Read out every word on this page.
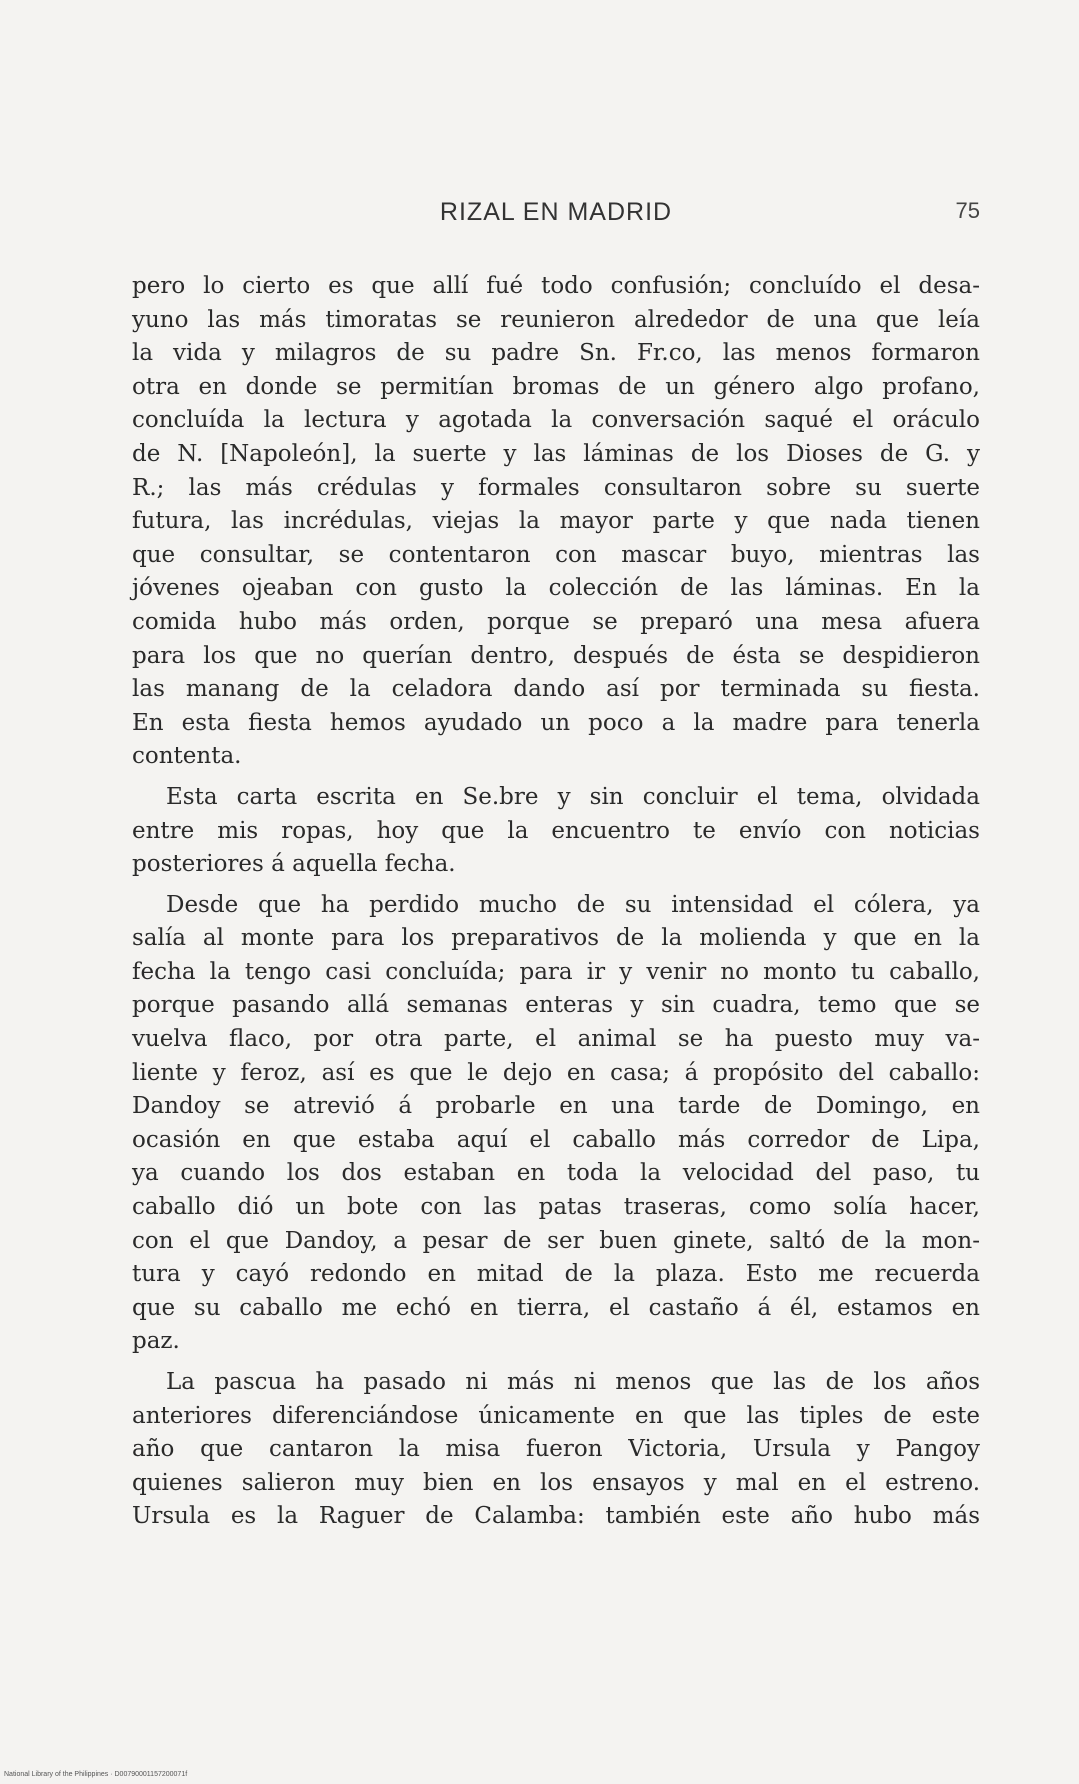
RIZAL EN MADRID	75
pero lo cierto es que allí fué todo confusión; concluído el desa-
yuno las más timoratas se reunieron alrededor de una que leía
la vida y milagros de su padre Sn. Fr.co, las menos formaron
otra en donde se permitían bromas de un género algo profano,
concluída la lectura y agotada la conversación saqué el oráculo
de N. [Napoleón], la suerte y las láminas de los Dioses de G. y
R.; las más crédulas y formales consultaron sobre su suerte
futura, las incrédulas, viejas la mayor parte y que nada tienen
que consultar, se contentaron con mascar buyo, mientras las
jóvenes ojeaban con gusto la colección de las láminas. En la
comida hubo más orden, porque se preparó una mesa afuera
para los que no querían dentro, después de ésta se despidieron
las manang de la celadora dando así por terminada su fiesta.
En esta fiesta hemos ayudado un poco a la madre para tenerla
contenta.
Esta carta escrita en Se.bre y sin concluir el tema, olvidada
entre mis ropas, hoy que la encuentro te envío con noticias
posteriores á aquella fecha.
Desde que ha perdido mucho de su intensidad el cólera, ya
salía al monte para los preparativos de la molienda y que en la
fecha la tengo casi concluída; para ir y venir no monto tu caballo,
porque pasando allá semanas enteras y sin cuadra, temo que se
vuelva flaco, por otra parte, el animal se ha puesto muy va-
liente y feroz, así es que le dejo en casa; á propósito del caballo:
Dandoy se atrevió á probarle en una tarde de Domingo, en
ocasión en que estaba aquí el caballo más corredor de Lipa,
ya cuando los dos estaban en toda la velocidad del paso, tu
caballo dió un bote con las patas traseras, como solía hacer,
con el que Dandoy, a pesar de ser buen ginete, saltó de la mon-
tura y cayó redondo en mitad de la plaza. Esto me recuerda
que su caballo me echó en tierra, el castaño á él, estamos en
paz.
La pascua ha pasado ni más ni menos que las de los años
anteriores diferenciándose únicamente en que las tiples de este
año que cantaron la misa fueron Victoria, Ursula y Pangoy
quienes salieron muy bien en los ensayos y mal en el estreno.
Ursula es la Raguer de Calamba: también este año hubo más
National Library of the Philippines · D00790001157200071f
